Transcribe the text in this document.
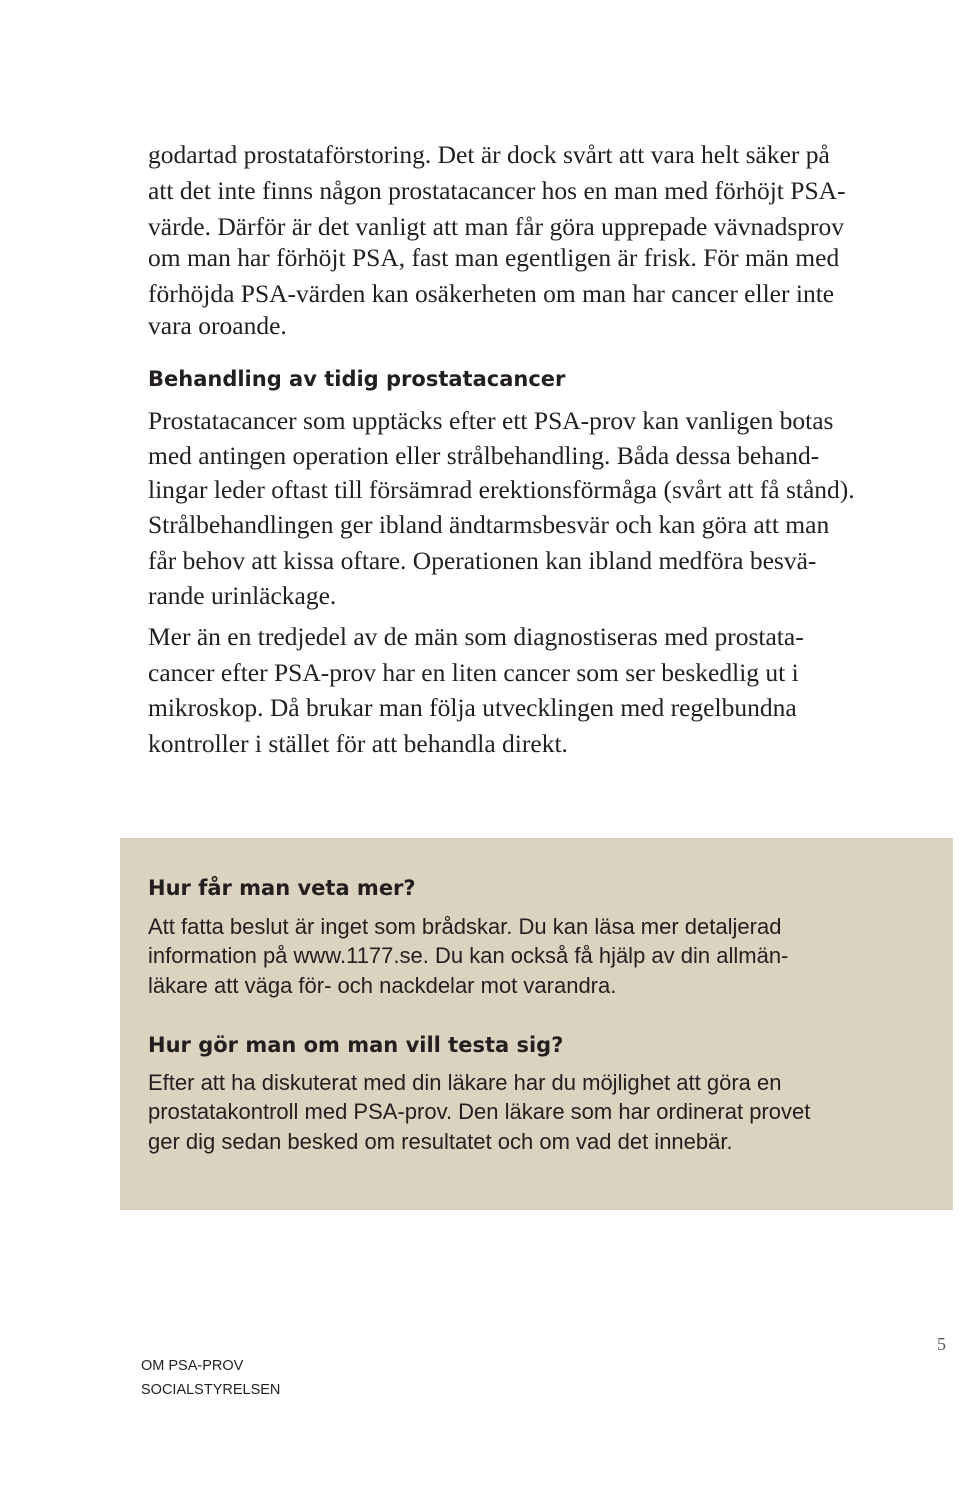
godartad prostataförstoring. Det är dock svårt att vara helt säker på
att det inte finns någon prostatacancer hos en man med förhöjt PSA-
värde. Därför är det vanligt att man får göra upprepade vävnadsprov
om man har förhöjt PSA, fast man egentligen är frisk. För män med
förhöjda PSA-värden kan osäkerheten om man har cancer eller inte
vara oroande.
Behandling av tidig prostatacancer
Prostatacancer som upptäcks efter ett PSA-prov kan vanligen botas
med antingen operation eller strålbehandling. Båda dessa behand-
lingar leder oftast till försämrad erektionsförmåga (svårt att få stånd).
Strålbehandlingen ger ibland ändtarmsbesvär och kan göra att man
får behov att kissa oftare. Operationen kan ibland medföra besvä-
rande urinläckage.
Mer än en tredjedel av de män som diagnostiseras med prostata-
cancer efter PSA-prov har en liten cancer som ser beskedlig ut i
mikroskop. Då brukar man följa utvecklingen med regelbundna
kontroller i stället för att behandla direkt.
Hur får man veta mer?
Att fatta beslut är inget som brådskar. Du kan läsa mer detaljerad
information på www.1177.se. Du kan också få hjälp av din allmän-
läkare att väga för- och nackdelar mot varandra.
Hur gör man om man vill testa sig?
Efter att ha diskuterat med din läkare har du möjlighet att göra en
prostatakontroll med PSA-prov. Den läkare som har ordinerat provet
ger dig sedan besked om resultatet och om vad det innebär.
OM PSA-PROV
SOCIALSTYRELSEN
5
